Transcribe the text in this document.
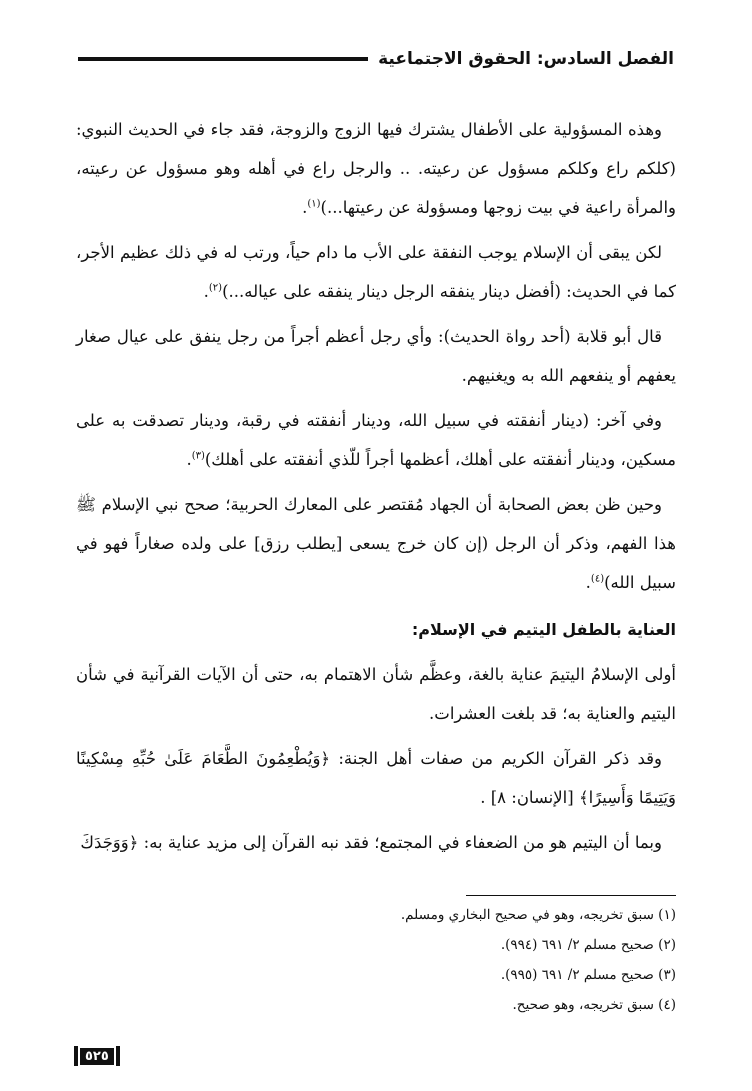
الفصل السادس: الحقوق الاجتماعية

وهذه المسؤولية على الأطفال يشترك فيها الزوج والزوجة، فقد جاء في الحديث النبوي: (كلكم راع وكلكم مسؤول عن رعيته. .. والرجل راع في أهله وهو مسؤول عن رعيته، والمرأة راعية في بيت زوجها ومسؤولة عن رعيتها...)$^{(١)}$.

لكن يبقى أن الإسلام يوجب النفقة على الأب ما دام حياً، ورتب له في ذلك عظيم الأجر، كما في الحديث: (أفضل دينار ينفقه الرجل دينار ينفقه على عياله...)$^{(٢)}$.

قال أبو قلابة (أحد رواة الحديث): وأي رجل أعظم أجراً من رجل ينفق على عيال صغار يعفهم أو ينفعهم الله به ويغنيهم.

وفي آخر: (دينار أنفقته في سبيل الله، ودينار أنفقته في رقبة، ودينار تصدقت به على مسكين، ودينار أنفقته على أهلك، أعظمها أجراً للّذي أنفقته على أهلك)$^{(٣)}$.

وحين ظن بعض الصحابة أن الجهاد مُقتصر على المعارك الحربية؛ صحح نبي الإسلام ﷺ هذا الفهم، وذكر أن الرجل (إن كان خرج يسعى [يطلب رزق] على ولده صغاراً فهو في سبيل الله)$^{(٤)}$.

العناية بالطفل اليتيم في الإسلام:

أولى الإسلامُ اليتيمَ عناية بالغة، وعظَّم شأن الاهتمام به، حتى أن الآيات القرآنية في شأن اليتيم والعناية به؛ قد بلغت العشرات.

وقد ذكر القرآن الكريم من صفات أهل الجنة: ﴿وَيُطْعِمُونَ الطَّعَامَ عَلَىٰ حُبِّهِ مِسْكِينًا وَيَتِيمًا وَأَسِيرًا﴾ [الإنسان: ٨] .

وبما أن اليتيم هو من الضعفاء في المجتمع؛ فقد نبه القرآن إلى مزيد عناية به: ﴿وَوَجَدَكَ

(١) سبق تخريجه، وهو في صحيح البخاري ومسلم.
(٢) صحيح مسلم ٢/ ٦٩١ (٩٩٤).
(٣) صحيح مسلم ٢/ ٦٩١ (٩٩٥).
(٤) سبق تخريجه، وهو صحيح.
٥٢٥
